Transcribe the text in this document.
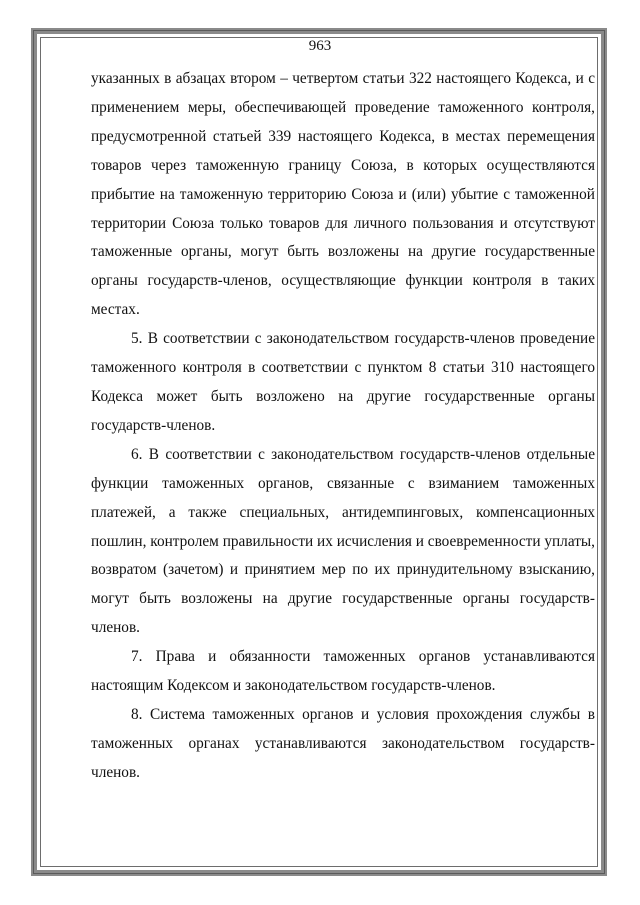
963

указанных в абзацах втором – четвертом статьи 322 настоящего Кодекса, и с применением меры, обеспечивающей проведение таможенного контроля, предусмотренной статьей 339 настоящего Кодекса, в местах перемещения товаров через таможенную границу Союза, в которых осуществляются прибытие на таможенную территорию Союза и (или) убытие с таможенной территории Союза только товаров для личного пользования и отсутствуют таможенные органы, могут быть возложены на другие государственные органы государств-членов, осуществляющие функции контроля в таких местах.

5. В соответствии с законодательством государств-членов проведение таможенного контроля в соответствии с пунктом 8 статьи 310 настоящего Кодекса может быть возложено на другие государственные органы государств-членов.

6. В соответствии с законодательством государств-членов отдельные функции таможенных органов, связанные с взиманием таможенных платежей, а также специальных, антидемпинговых, компенсационных пошлин, контролем правильности их исчисления и своевременности уплаты, возвратом (зачетом) и принятием мер по их принудительному взысканию, могут быть возложены на другие государственные органы государств-членов.

7. Права и обязанности таможенных органов устанавливаются настоящим Кодексом и законодательством государств-членов.

8. Система таможенных органов и условия прохождения службы в таможенных органах устанавливаются законодательством государств-членов.
